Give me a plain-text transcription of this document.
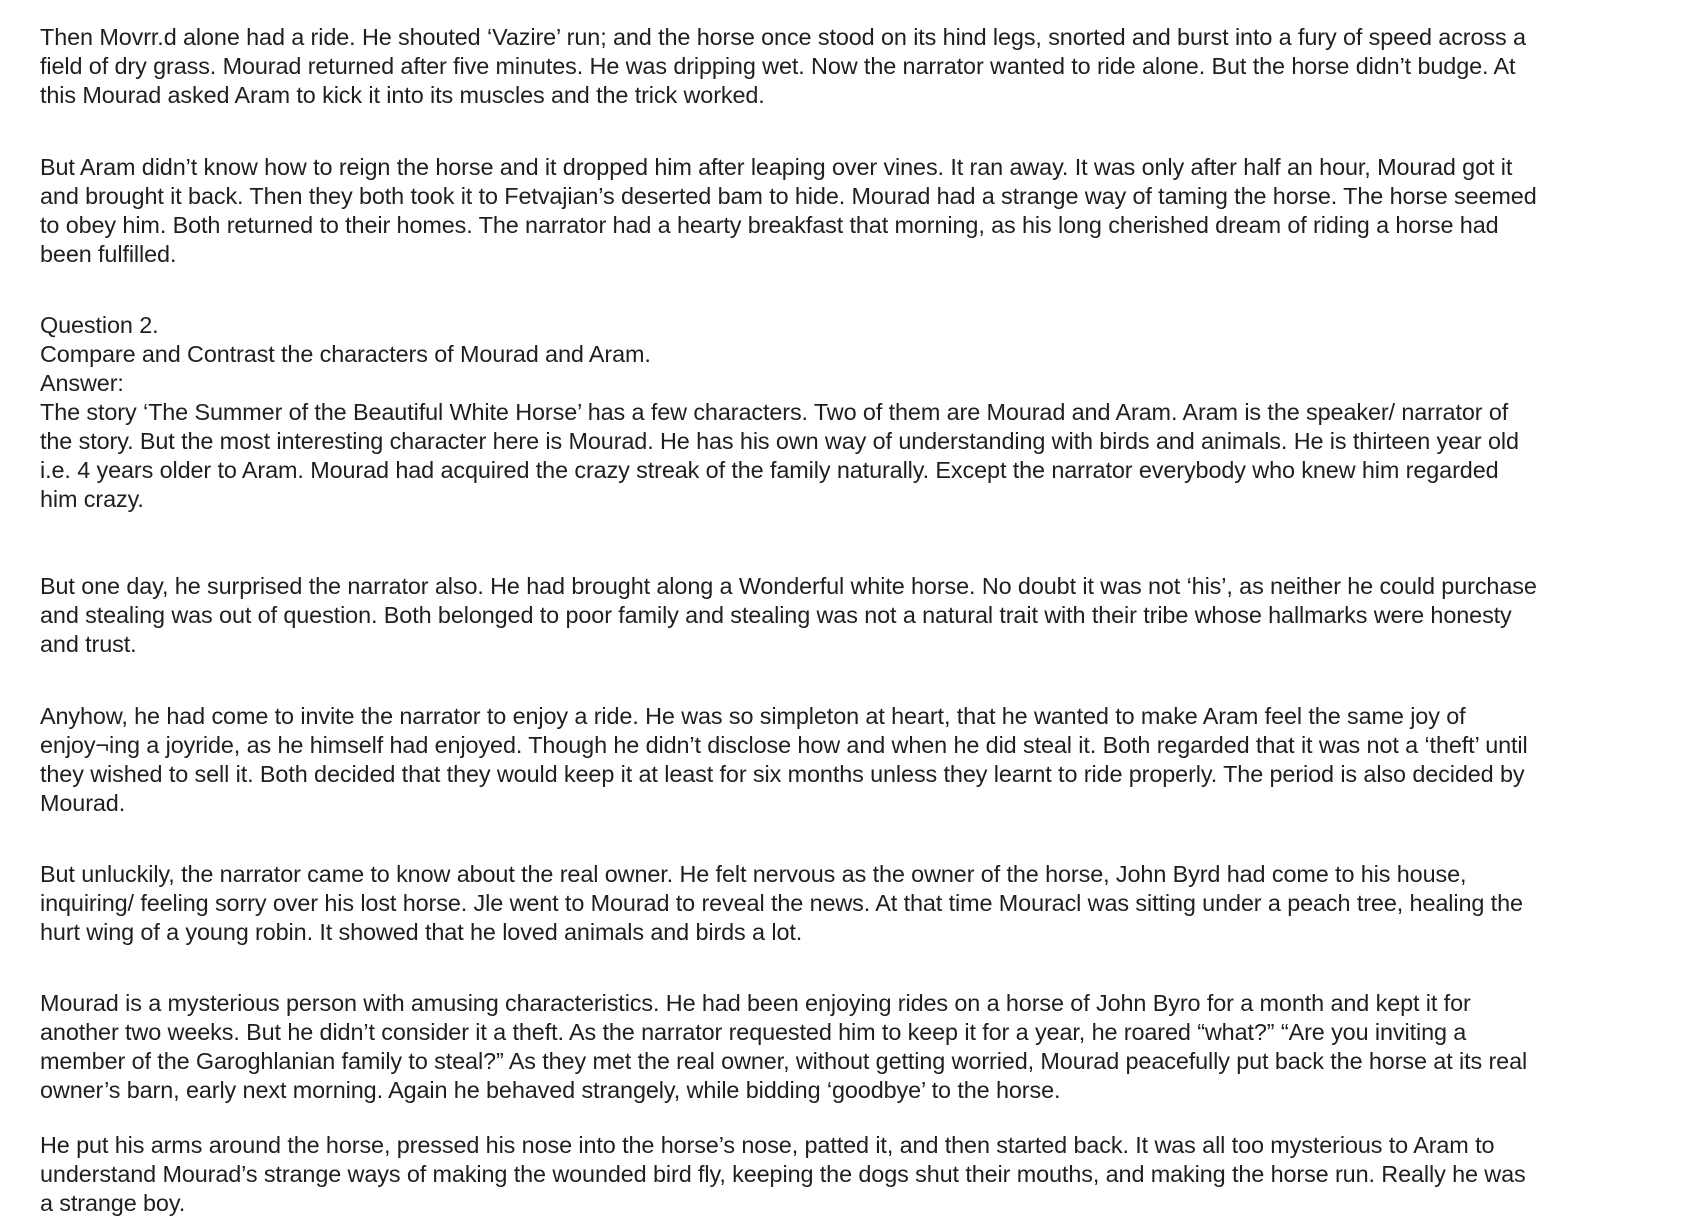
Then Movrr.d alone had a ride. He shouted ‘Vazire’ run; and the horse once stood on its hind legs, snorted and burst into a fury of speed across a
field of dry grass. Mourad returned after five minutes. He was dripping wet. Now the narrator wanted to ride alone. But the horse didn’t budge. At
this Mourad asked Aram to kick it into its muscles and the trick worked.

But Aram didn’t know how to reign the horse and it dropped him after leaping over vines. It ran away. It was only after half an hour, Mourad got it
and brought it back. Then they both took it to Fetvajian’s deserted bam to hide. Mourad had a strange way of taming the horse. The horse seemed
to obey him. Both returned to their homes. The narrator had a hearty breakfast that morning, as his long cherished dream of riding a horse had
been fulfilled.

Question 2.
Compare and Contrast the characters of Mourad and Aram.
Answer:
The story ‘The Summer of the Beautiful White Horse’ has a few characters. Two of them are Mourad and Aram. Aram is the speaker/ narrator of
the story. But the most interesting character here is Mourad. He has his own way of understanding with birds and animals. He is thirteen year old
i.e. 4 years older to Aram. Mourad had acquired the crazy streak of the family naturally. Except the narrator everybody who knew him regarded
him crazy.

But one day, he surprised the narrator also. He had brought along a Wonderful white horse. No doubt it was not ‘his’, as neither he could purchase
and stealing was out of question. Both belonged to poor family and stealing was not a natural trait with their tribe whose hallmarks were honesty
and trust.

Anyhow, he had come to invite the narrator to enjoy a ride. He was so simpleton at heart, that he wanted to make Aram feel the same joy of
enjoy¬ing a joyride, as he himself had enjoyed. Though he didn’t disclose how and when he did steal it. Both regarded that it was not a ‘theft’ until
they wished to sell it. Both decided that they would keep it at least for six months unless they learnt to ride properly. The period is also decided by
Mourad.

But unluckily, the narrator came to know about the real owner. He felt nervous as the owner of the horse, John Byrd had come to his house,
inquiring/ feeling sorry over his lost horse. Jle went to Mourad to reveal the news. At that time Mouracl was sitting under a peach tree, healing the
hurt wing of a young robin. It showed that he loved animals and birds a lot.

Mourad is a mysterious person with amusing characteristics. He had been enjoying rides on a horse of John Byro for a month and kept it for
another two weeks. But he didn’t consider it a theft. As the narrator requested him to keep it for a year, he roared “what?” “Are you inviting a
member of the Garoghlanian family to steal?” As they met the real owner, without getting worried, Mourad peacefully put back the horse at its real
owner’s barn, early next morning. Again he behaved strangely, while bidding ‘goodbye’ to the horse.

He put his arms around the horse, pressed his nose into the horse’s nose, patted it, and then started back. It was all too mysterious to Aram to
understand Mourad’s strange ways of making the wounded bird fly, keeping the dogs shut their mouths, and making the horse run. Really he was
a strange boy.
